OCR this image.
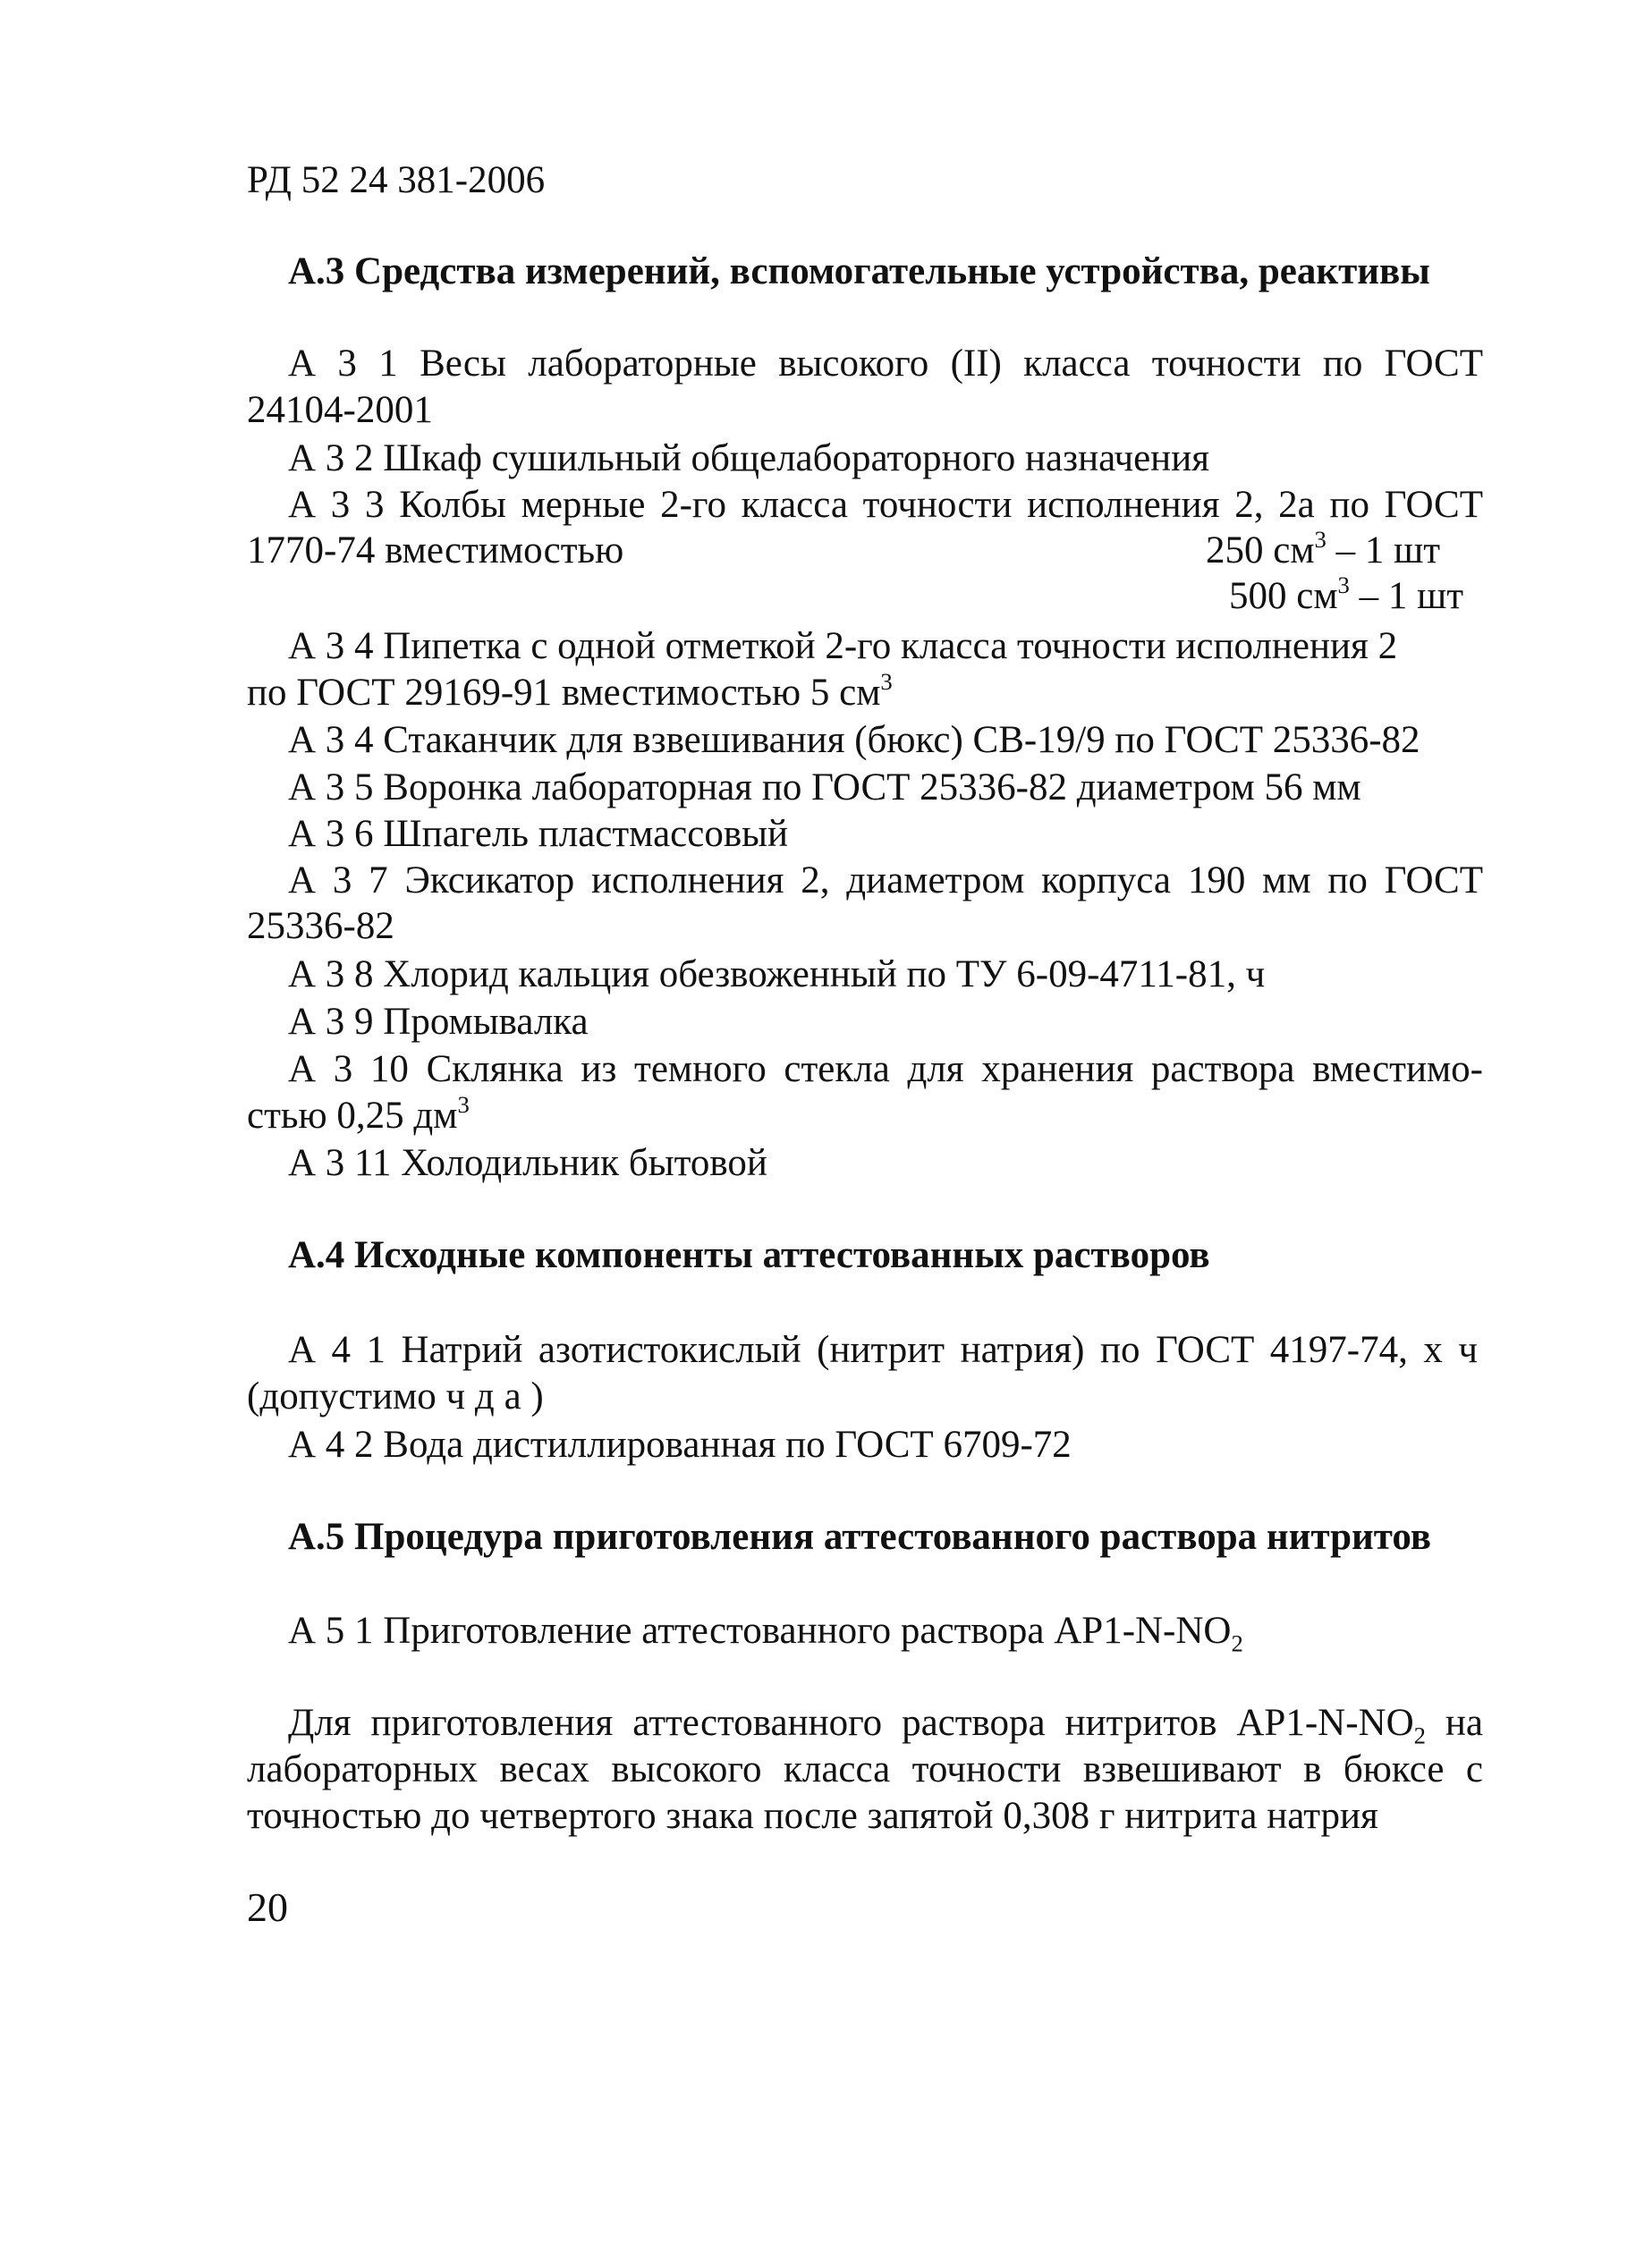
РД 52 24 381-2006
А.3 Средства измерений, вспомогательные устройства, реактивы
А 3 1 Весы лабораторные высокого (II) класса точности по ГОСТ
24104-2001
А 3 2 Шкаф сушильный общелабораторного назначения
А 3 3 Колбы мерные 2-го класса точности исполнения 2, 2а по ГОСТ
1770-74 вместимостью	250 $см^3 - 1$ шт
500 $см^3 - 1$ шт
А 3 4 Пипетка с одной отметкой 2-го класса точности исполнения 2
по ГОСТ 29169-91 вместимостью 5 $см^3$
А 3 4 Стаканчик для взвешивания (бюкс) СВ-19/9 по ГОСТ 25336-82
А 3 5 Воронка лабораторная по ГОСТ 25336-82 диаметром 56 мм
А 3 6 Шпагель пластмассовый
А 3 7 Эксикатор исполнения 2, диаметром корпуса 190 мм по ГОСТ
25336-82
А 3 8 Хлорид кальция обезвоженный по ТУ 6-09-4711-81, ч
А 3 9 Промывалка
А 3 10 Склянка из темного стекла для хранения раствора вместимо-
стью 0,25 $дм^3$
А 3 11 Холодильник бытовой
А.4 Исходные компоненты аттестованных растворов
А 4 1 Натрий азотистокислый (нитрит натрия) по ГОСТ 4197-74, х ч
(допустимо ч д а )
А 4 2 Вода дистиллированная по ГОСТ 6709-72
А.5 Процедура приготовления аттестованного раствора нитритов
А 5 1 Приготовление аттестованного раствора $АР1-N-NO_2$
Для приготовления аттестованного раствора нитритов $АР1-N-NO_2$ на
лабораторных весах высокого класса точности взвешивают в бюксе с
точностью до четвертого знака после запятой 0,308 г нитрита натрия
20
